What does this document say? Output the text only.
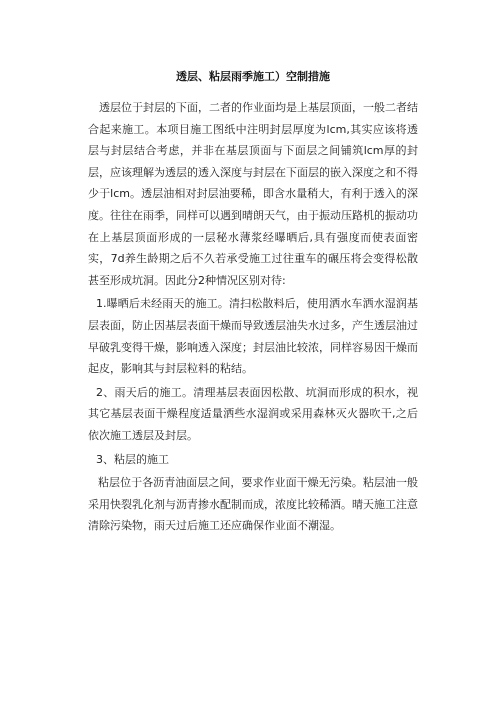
透层、粘层雨季施工）空制措施

透层位于封层的下面，二者的作业面均是上基层顶面，一般二者结合起来施工。本项目施工图纸中注明封层厚度为lcm,其实应该将透层与封层结合考虑，并非在基层顶面与下面层之间铺筑lcm厚的封层，应该理解为透层的透入深度与封层在下面层的嵌入深度之和不得少于lcm。透层油相对封层油要稀，即含水量稍大，有利于透入的深度。往往在雨季，同样可以遇到晴朗天气，由于振动压路机的振动功在上基层顶面形成的一层秘水薄浆经曝晒后,具有强度而使表面密实，7d养生龄期之后不久若承受施工过往重车的碾压将会变得松散甚至形成坑洞。因此分2种情况区别对待:

1.曝晒后未经雨天的施工。清扫松散料后，使用洒水车洒水湿润基层表面，防止因基层表面干燥而导致透层油失水过多，产生透层油过早破乳变得干燥，影响透入深度；封层油比较浓，同样容易因干燥而起皮，影响其与封层粒料的粘结。

2、雨天后的施工。清理基层表面因松散、坑洞而形成的积水，视其它基层表面干燥程度适量洒些水湿润或采用森林灭火器吹干,之后依次施工透层及封层。

3、粘层的施工

粘层位于各沥青油面层之间，要求作业面干燥无污染。粘层油一般采用快裂乳化剂与沥青掺水配制而成，浓度比较稀酒。晴天施工注意清除污染物，雨天过后施工还应确保作业面不潮湿。
